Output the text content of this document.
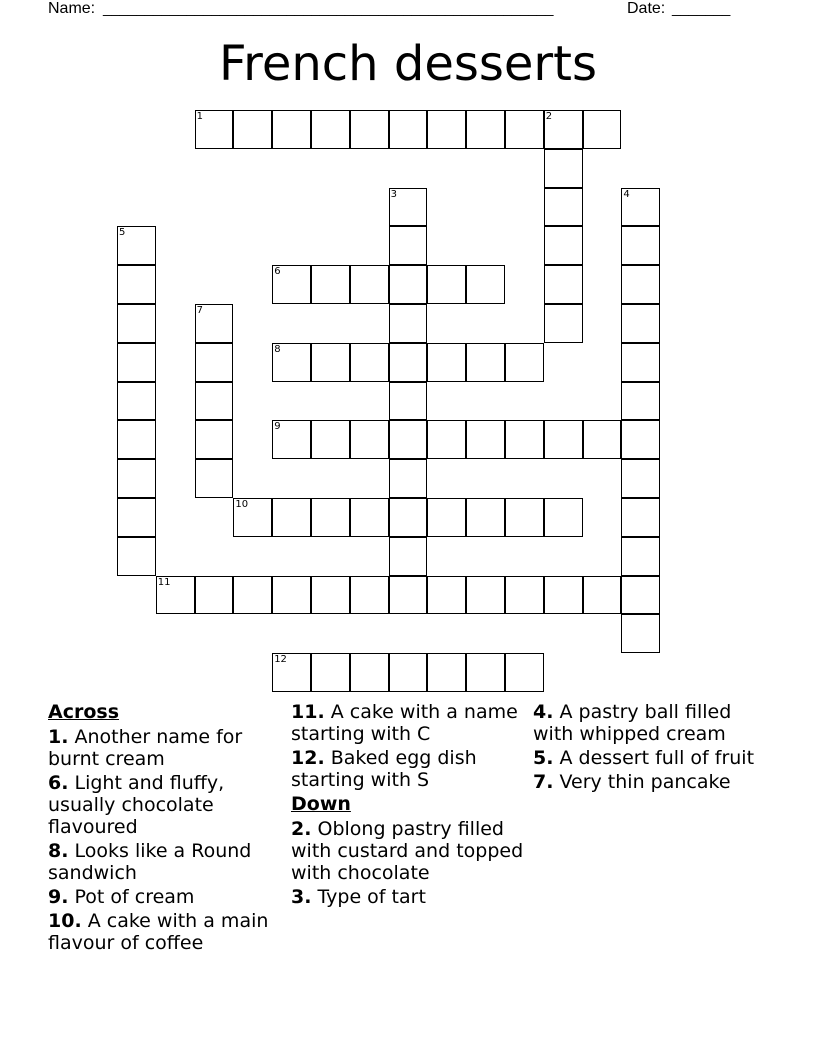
Name: ______________________________________________________	Date: _______
French desserts
1	2
3	4
5
6
7
8
9
10
11
12
Across
1. Another name for burnt cream
6. Light and fluffy, usually chocolate flavoured
8. Looks like a Round sandwich
9. Pot of cream
10. A cake with a main flavour of coffee
11. A cake with a name starting with C
12. Baked egg dish starting with S
Down
2. Oblong pastry filled with custard and topped with chocolate
3. Type of tart
4. A pastry ball filled with whipped cream
5. A dessert full of fruit
7. Very thin pancake
